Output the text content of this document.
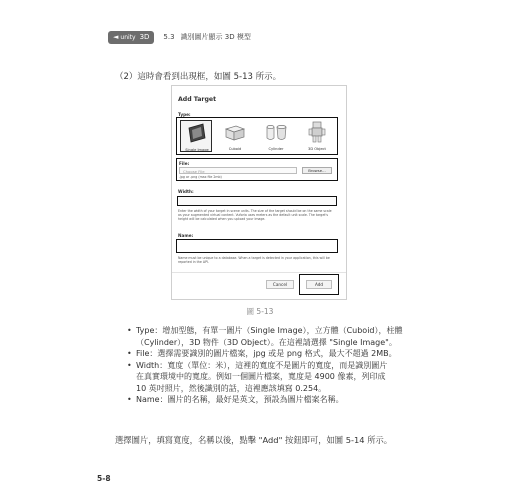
◄ unity 3D 5.3 識別圖片顯示 3D 模型
（2）這時會看到出現框，如圖 5-13 所示。
Add Target
Type:
Single Image	Cuboid	Cylinder	3D Object
File:
Choose File	Browse...
.jpg or .png (max file 2mb)
Width:
Enter the width of your target in scene units. The size of the target should be on the same scale as your augmented virtual content. Vuforia uses meters as the default unit scale. The target's height will be calculated when you upload your image.
Name:
Name must be unique to a database. When a target is detected in your application, this will be reported in the API.
Cancel	Add
圖 5-13
• Type：增加型態，有單一圖片（Single Image），立方體（Cuboid），柱體
（Cylinder），3D 物件（3D Object）。在這裡請選擇 "Single Image"。
• File：選擇需要識別的圖片檔案，jpg 或是 png 格式，最大不超過 2MB。
• Width：寬度（單位：米），這裡的寬度不是圖片的寬度，而是識別圖片
在真實環境中的寬度。例如一個圖片檔案，寬度是 4900 像素，列印成
10 英吋照片，然後識別的話，這裡應該填寫 0.254。
• Name：圖片的名稱，最好是英文，預設為圖片檔案名稱。
選擇圖片，填寫寬度，名稱以後，點擊 "Add" 按鈕即可，如圖 5-14 所示。
5-8
